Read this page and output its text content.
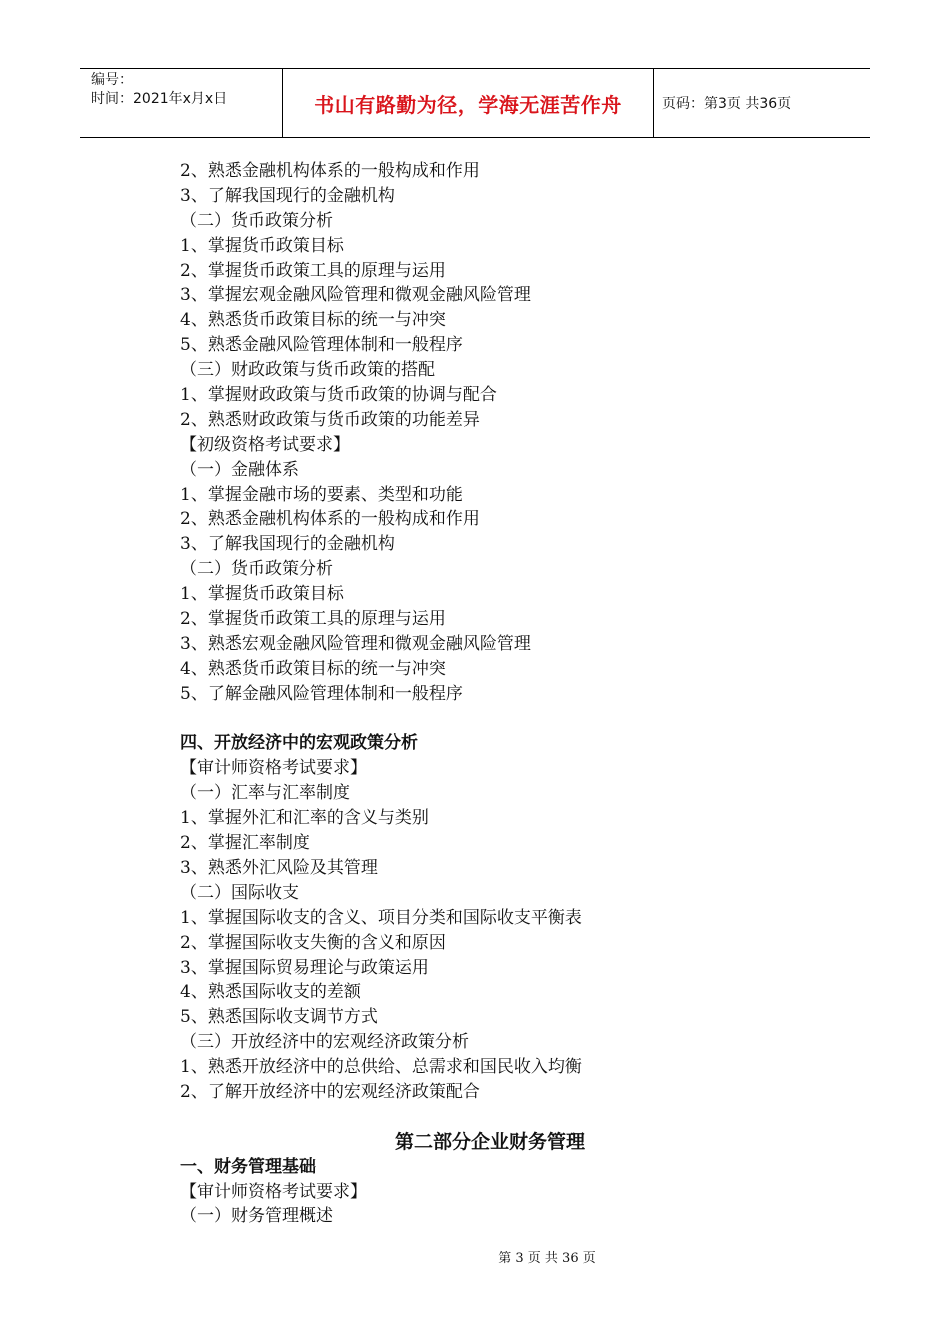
编号：
时间：2021年x月x日	书山有路勤为径，学海无涯苦作舟	页码：第3页 共36页
2、熟悉金融机构体系的一般构成和作用
3、了解我国现行的金融机构
（二）货币政策分析
1、掌握货币政策目标
2、掌握货币政策工具的原理与运用
3、掌握宏观金融风险管理和微观金融风险管理
4、熟悉货币政策目标的统一与冲突
5、熟悉金融风险管理体制和一般程序
（三）财政政策与货币政策的搭配
1、掌握财政政策与货币政策的协调与配合
2、熟悉财政政策与货币政策的功能差异
【初级资格考试要求】
（一）金融体系
1、掌握金融市场的要素、类型和功能
2、熟悉金融机构体系的一般构成和作用
3、了解我国现行的金融机构
（二）货币政策分析
1、掌握货币政策目标
2、掌握货币政策工具的原理与运用
3、熟悉宏观金融风险管理和微观金融风险管理
4、熟悉货币政策目标的统一与冲突
5、了解金融风险管理体制和一般程序
四、开放经济中的宏观政策分析
【审计师资格考试要求】
（一）汇率与汇率制度
1、掌握外汇和汇率的含义与类别
2、掌握汇率制度
3、熟悉外汇风险及其管理
（二）国际收支
1、掌握国际收支的含义、项目分类和国际收支平衡表
2、掌握国际收支失衡的含义和原因
3、掌握国际贸易理论与政策运用
4、熟悉国际收支的差额
5、熟悉国际收支调节方式
（三）开放经济中的宏观经济政策分析
1、熟悉开放经济中的总供给、总需求和国民收入均衡
2、了解开放经济中的宏观经济政策配合
第二部分企业财务管理
一、财务管理基础
【审计师资格考试要求】
（一）财务管理概述
第 3 页 共 36 页
